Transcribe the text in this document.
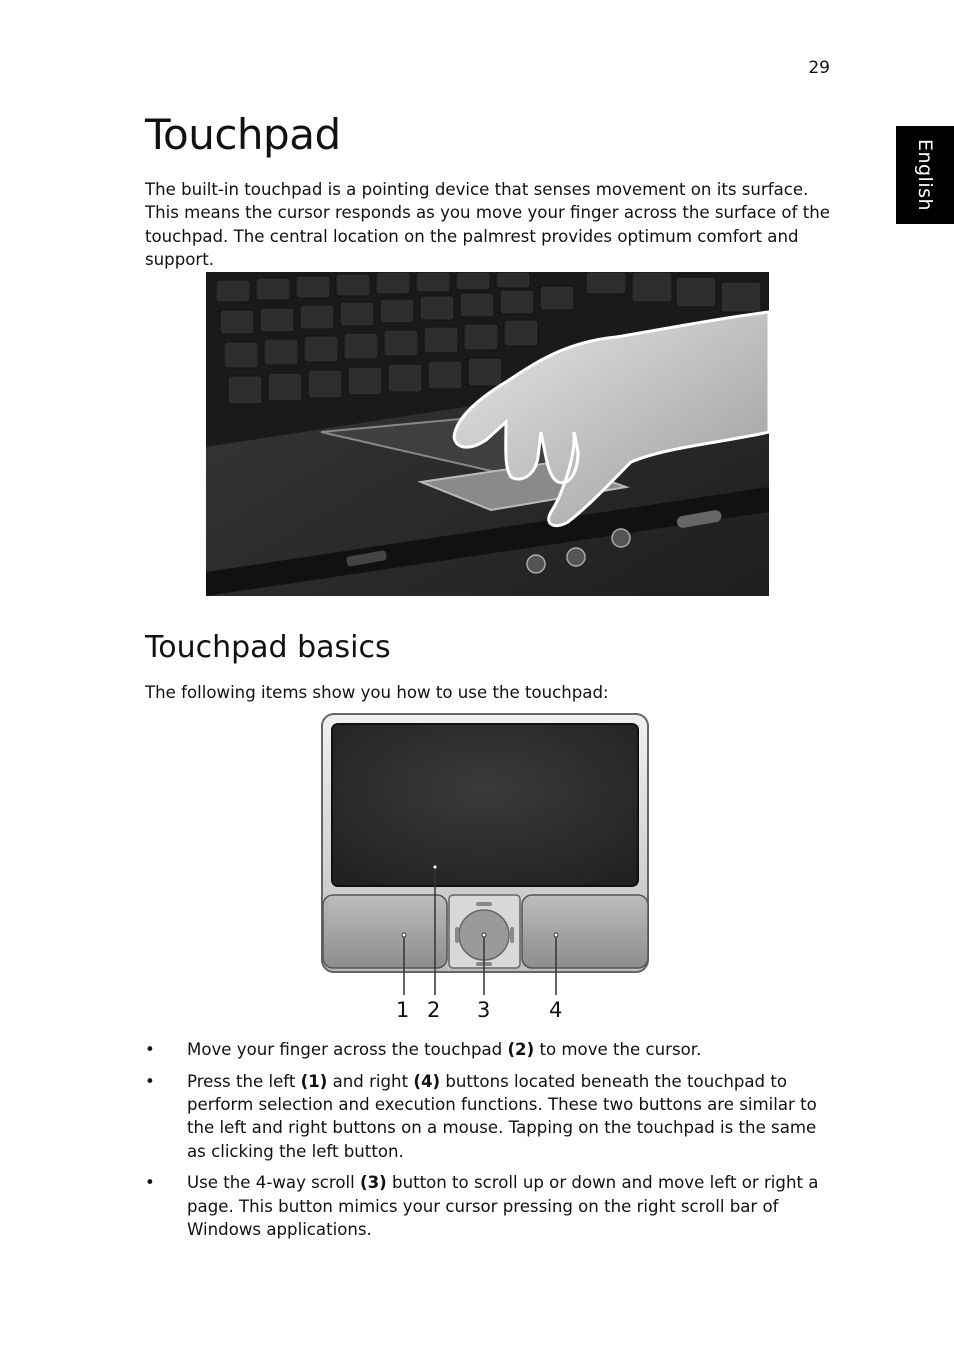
29
English
Touchpad

The built-in touchpad is a pointing device that senses movement on its surface. This means the cursor responds as you move your finger across the surface of the touchpad. The central location on the palmrest provides optimum comfort and support.

Touchpad basics

The following items show you how to use the touchpad:

1 2 3	4
• Move your finger across the touchpad (2) to move the cursor.
• Press the left (1) and right (4) buttons located beneath the touchpad to perform selection and execution functions. These two buttons are similar to the left and right buttons on a mouse. Tapping on the touchpad is the same as clicking the left button.
• Use the 4-way scroll (3) button to scroll up or down and move left or right a page. This button mimics your cursor pressing on the right scroll bar of Windows applications.
